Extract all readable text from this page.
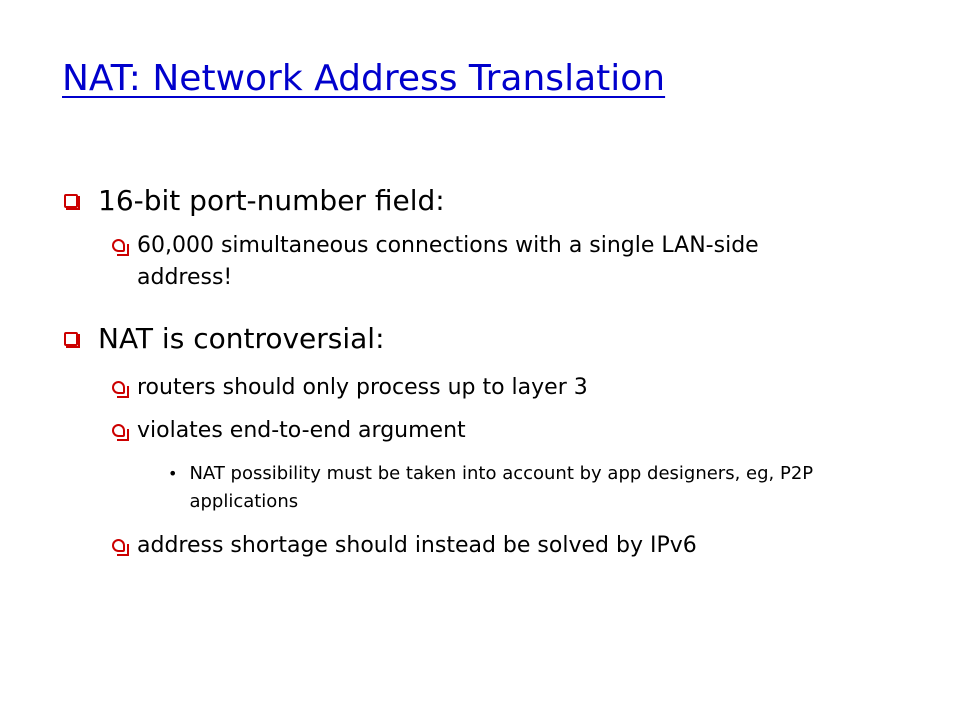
NAT: Network Address Translation
16-bit port-number field:
60,000 simultaneous connections with a single LAN-side address!
NAT is controversial:
routers should only process up to layer 3
violates end-to-end argument
• NAT possibility must be taken into account by app designers, eg, P2P applications
address shortage should instead be solved by IPv6
